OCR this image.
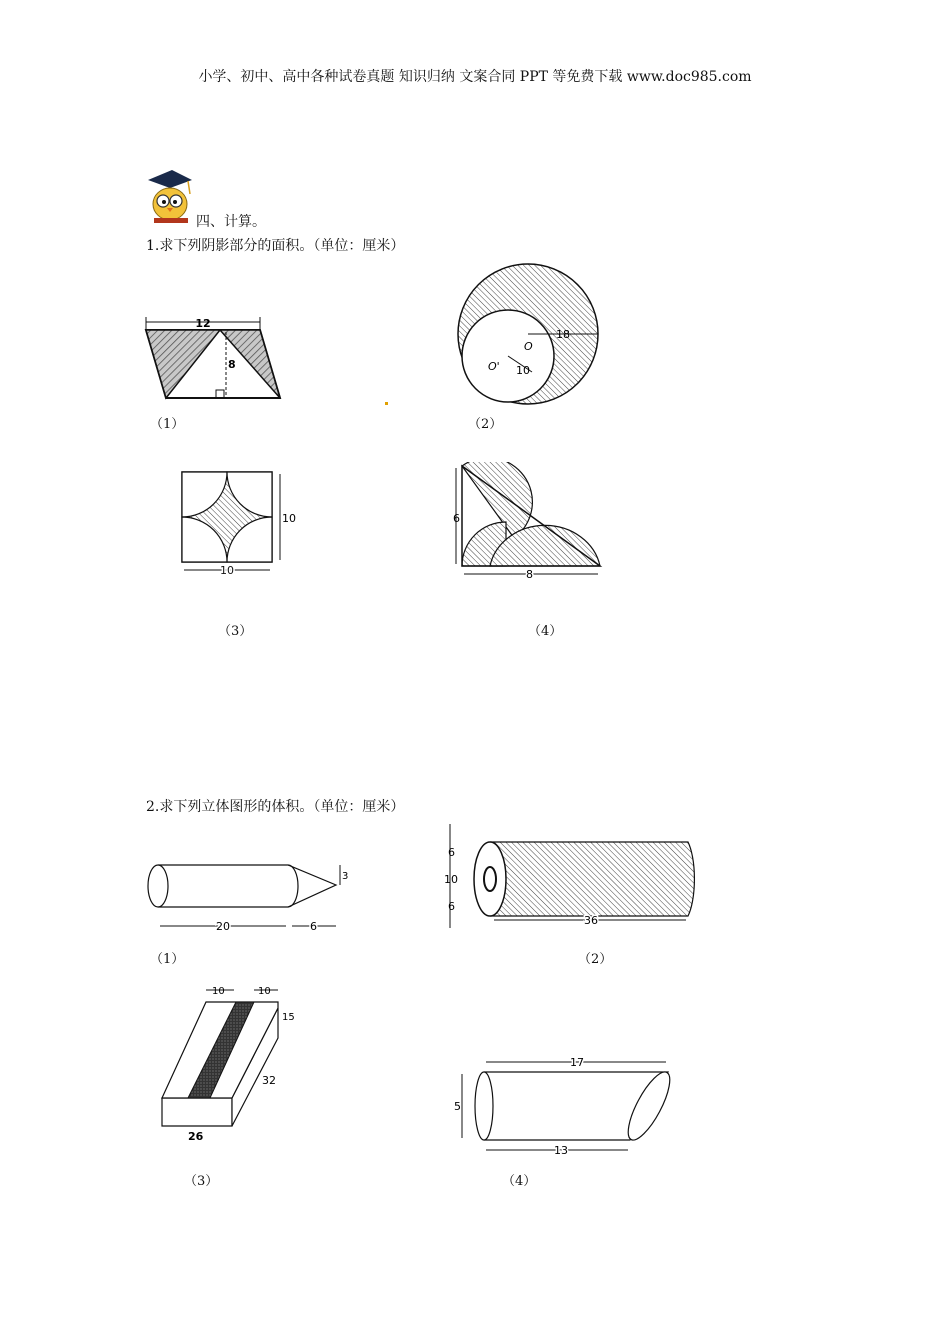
小学、初中、高中各种试卷真题 知识归纳 文案合同 PPT 等免费下载 www.doc985.com
四、计算。
1.求下列阴影部分的面积。（单位：厘米）
12
8
（1）
18
O
O' 10
（2）
10
10
（3）
6
8
（4）
2.求下列立体图形的体积。（单位：厘米）
3
20	6
（1）
6
10
6
36
（2）
10	10
15
32
26
（3）
17
5
13
（4）
